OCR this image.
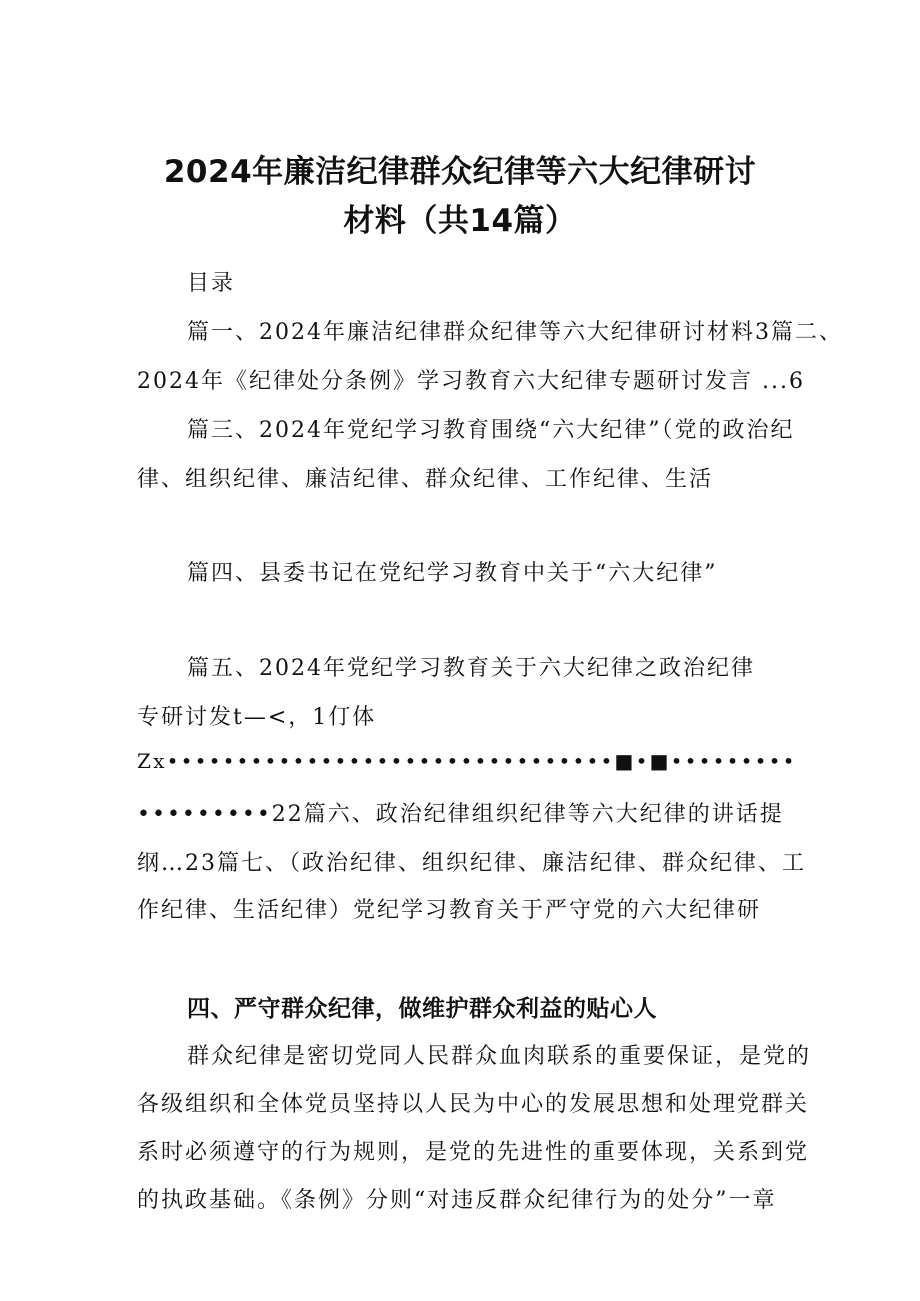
2024年廉洁纪律群众纪律等六大纪律研讨
材料（共14篇）

目录

篇一、2024年廉洁纪律群众纪律等六大纪律研讨材料3篇二、

2024年《纪律处分条例》学习教育六大纪律专题研讨发言 ...6

篇三、2024年党纪学习教育围绕“六大纪律”（党的政治纪

律、组织纪律、廉洁纪律、群众纪律、工作纪律、生活

篇四、县委书记在党纪学习教育中关于“六大纪律”

篇五、2024年党纪学习教育关于六大纪律之政治纪律

专研讨发t—<，1仃体

Zx••••••••••••••••••••••••••••••••■•■•••••••••

•••••••••22篇六、政治纪律组织纪律等六大纪律的讲话提

纲…23篇七、（政治纪律、组织纪律、廉洁纪律、群众纪律、工

作纪律、生活纪律）党纪学习教育关于严守党的六大纪律研

四、严守群众纪律，做维护群众利益的贴心人

群众纪律是密切党同人民群众血肉联系的重要保证，是党的

各级组织和全体党员坚持以人民为中心的发展思想和处理党群关

系时必须遵守的行为规则，是党的先进性的重要体现，关系到党

的执政基础。《条例》分则“对违反群众纪律行为的处分”一章
